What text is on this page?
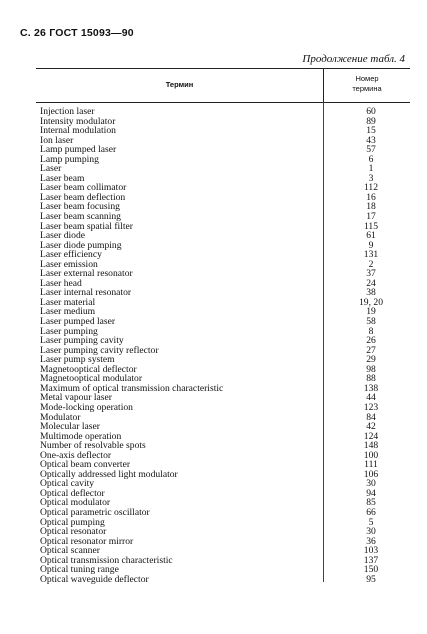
С. 26 ГОСТ 15093—90
Продолжение табл. 4
Термин
Номер
термина
Injection laser	60
Intensity modulator	89
Internal modulation	15
Ion laser	43
Lamp pumped laser	57
Lamp pumping	6
Laser	1
Laser beam	3
Laser beam collimator	112
Laser beam deflection	16
Laser beam focusing	18
Laser beam scanning	17
Laser beam spatial filter	115
Laser diode	61
Laser diode pumping	9
Laser efficiency	131
Laser emission	2
Laser external resonator	37
Laser head	24
Laser internal resonator	38
Laser material	19, 20
Laser medium	19
Laser pumped laser	58
Laser pumping	8
Laser pumping cavity	26
Laser pumping cavity reflector	27
Laser pump system	29
Magnetooptical deflector	98
Magnetooptical modulator	88
Maximum of optical transmission characteristic	138
Metal vapour laser	44
Mode-locking operation	123
Modulator	84
Molecular laser	42
Multimode operation	124
Number of resolvable spots	148
One-axis deflector	100
Optical beam converter	111
Optically addressed light modulator	106
Optical cavity	30
Optical deflector	94
Optical modulator	85
Optical parametric oscillator	66
Optical pumping	5
Optical resonator	30
Optical resonator mirror	36
Optical scanner	103
Optical transmission characteristic	137
Optical tuning range	150
Optical waveguide deflector	95
